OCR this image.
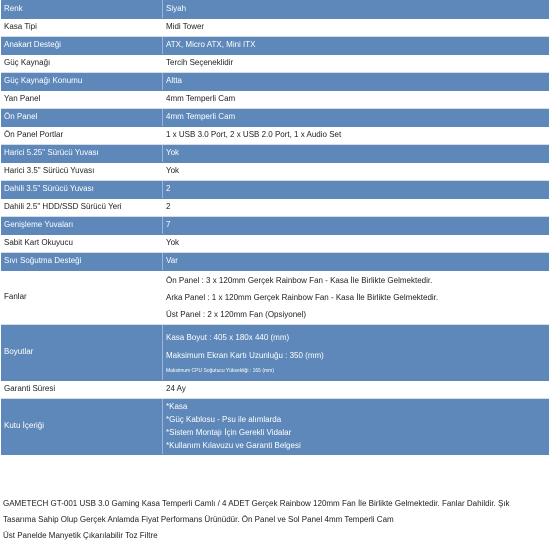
Renk	Siyah

Kasa Tipi	Midi Tower

Anakart Desteği	ATX, Micro ATX, Mini ITX

Güç Kaynağı	Tercih Seçeneklidir

Güç Kaynağı Konumu	Altta

Yan Panel	4mm Temperli Cam

Ön Panel	4mm Temperli Cam

Ön Panel Portlar	1 x USB 3.0 Port, 2 x USB 2.0 Port, 1 x Audio Set

Harici 5.25" Sürücü Yuvası	Yok

Harici 3.5" Sürücü Yuvası	Yok

Dahili 3.5" Sürücü Yuvası	2

Dahili 2.5" HDD/SSD Sürücü Yeri	2

Genişleme Yuvaları	7

Sabit Kart Okuyucu	Yok

Sıvı Soğutma Desteği	Var

Fanlar	Ön Panel : 3 x 120mm Gerçek Rainbow Fan - Kasa İle Birlikte Gelmektedir.
Arka Panel : 1 x 120mm Gerçek Rainbow Fan - Kasa İle Birlikte Gelmektedir.
Üst Panel : 2 x 120mm Fan (Opsiyonel)

Boyutlar	Kasa Boyut : 405 x 180x 440 (mm)
Maksimum Ekran Kartı Uzunluğu : 350 (mm)
Maksimum CPU Soğutucu Yüksekliği : 165 (mm)

Garanti Süresi	24 Ay

Kutu İçeriği	*Kasa
*Güç Kablosu - Psu ile alımlarda
*Sistem Montajı İçin Gerekli Vidalar
*Kullanım Kılavuzu ve Garanti Belgesi
GAMETECH GT-001 USB 3.0 Gaming Kasa Temperli Camlı / 4 ADET Gerçek Rainbow 120mm Fan İle Birlikte Gelmektedir. Fanlar Dahildir. Şık
Tasarıma Sahip Olup Gerçek Anlamda Fiyat Performans Ürünüdür. Ön Panel ve Sol Panel 4mm Temperli Cam
Üst Panelde Manyetik Çıkarılabilir Toz Filtre
